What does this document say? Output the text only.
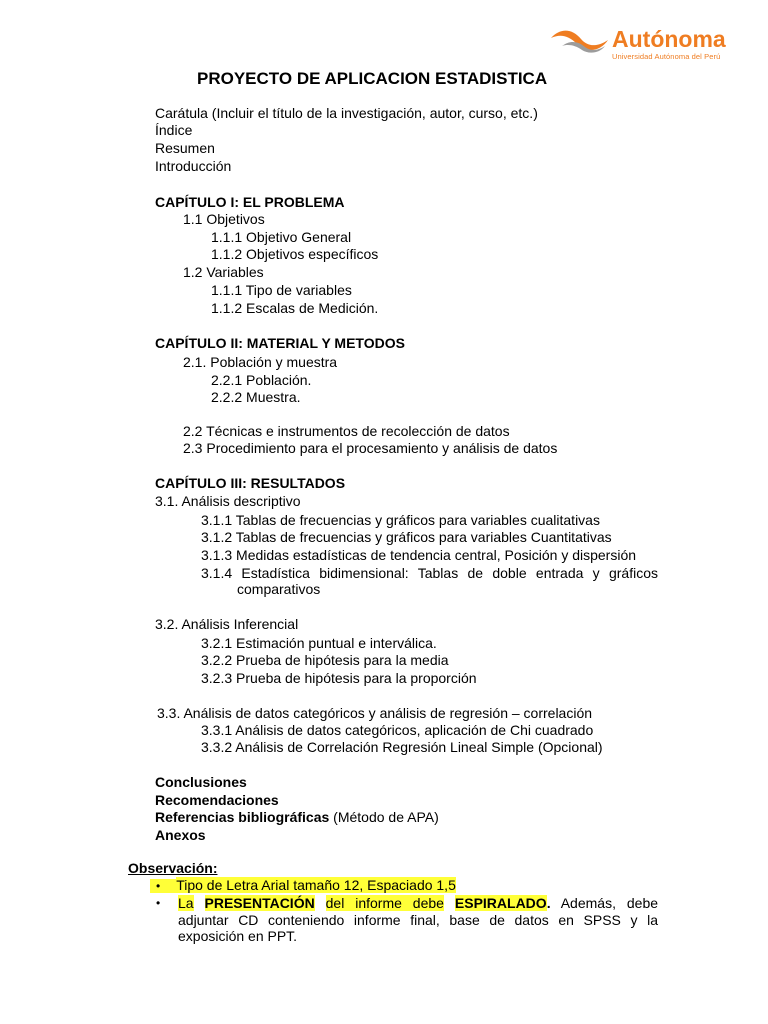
Autónoma
Universidad Autónoma del Perú
PROYECTO DE APLICACION ESTADISTICA
Carátula (Incluir el título de la investigación, autor, curso, etc.)
Índice
Resumen
Introducción
CAPÍTULO I: EL PROBLEMA
1.1 Objetivos
1.1.1 Objetivo General
1.1.2 Objetivos específicos
1.2 Variables
1.1.1 Tipo de variables
1.1.2 Escalas de Medición.
CAPÍTULO II: MATERIAL Y METODOS
2.1. Población y muestra
2.2.1 Población.
2.2.2 Muestra.
2.2 Técnicas e instrumentos de recolección de datos
2.3 Procedimiento para el procesamiento y análisis de datos
CAPÍTULO III: RESULTADOS
3.1. Análisis descriptivo
3.1.1 Tablas de frecuencias y gráficos para variables cualitativas
3.1.2 Tablas de frecuencias y gráficos para variables Cuantitativas
3.1.3 Medidas estadísticas de tendencia central, Posición y dispersión
3.1.4 Estadística bidimensional: Tablas de doble entrada y gráficos
comparativos
3.2. Análisis Inferencial
3.2.1 Estimación puntual e interválica.
3.2.2 Prueba de hipótesis para la media
3.2.3 Prueba de hipótesis para la proporción
3.3. Análisis de datos categóricos y análisis de regresión – correlación
3.3.1 Análisis de datos categóricos, aplicación de Chi cuadrado
3.3.2 Análisis de Correlación Regresión Lineal Simple (Opcional)
Conclusiones
Recomendaciones
Referencias bibliográficas (Método de APA)
Anexos
Observación:
• Tipo de Letra Arial tamaño 12, Espaciado 1,5
• La PRESENTACIÓN del informe debe ESPIRALADO. Además, debe
adjuntar CD conteniendo informe final, base de datos en SPSS y la
exposición en PPT.
